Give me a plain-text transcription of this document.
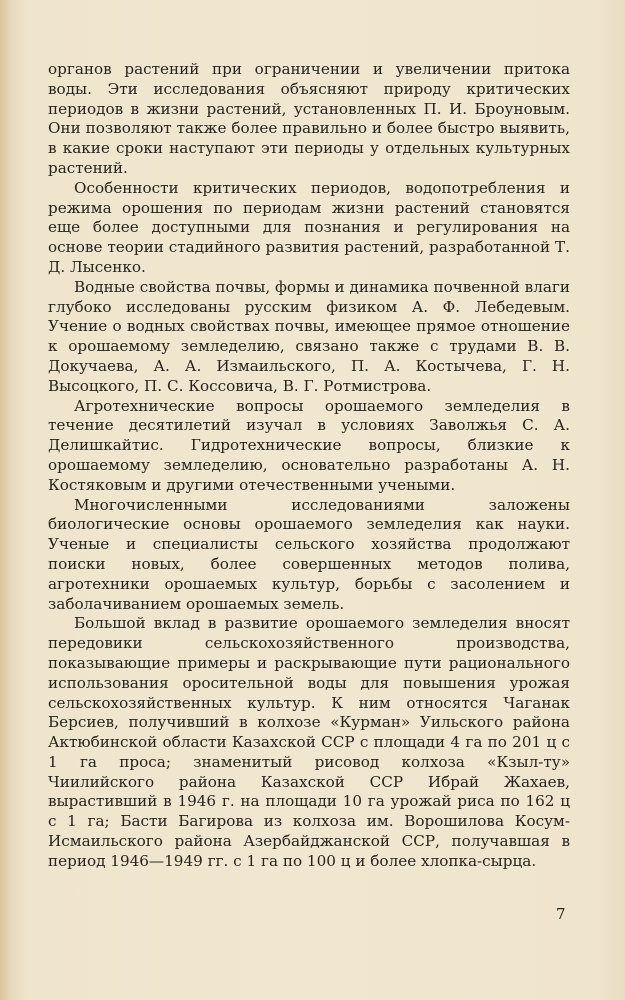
органов растений при ограничении и увеличении притока воды. Эти исследования объясняют природу критических периодов в жизни растений, установленных П. И. Броуновым. Они позволяют также более правильно и более быстро выявить, в какие сроки наступают эти периоды у отдельных культурных растений.

Особенности критических периодов, водопотребления и режима орошения по периодам жизни растений становятся еще более доступными для познания и регулирования на основе теории стадийного развития растений, разработанной Т. Д. Лысенко.

Водные свойства почвы, формы и динамика почвенной влаги глубоко исследованы русским физиком А. Ф. Лебедевым. Учение о водных свойствах почвы, имеющее прямое отношение к орошаемому земледелию, связано также с трудами В. В. Докучаева, А. А. Измаильского, П. А. Костычева, Г. Н. Высоцкого, П. С. Коссовича, В. Г. Ротмистрова.

Агротехнические вопросы орошаемого земледелия в течение десятилетий изучал в условиях Заволжья С. А. Делишкайтис. Гидротехнические вопросы, близкие к орошаемому земледелию, основательно разработаны А. Н. Костяковым и другими отечественными учеными.

Многочисленными исследованиями заложены биологические основы орошаемого земледелия как науки. Ученые и специалисты сельского хозяйства продолжают поиски новых, более совершенных методов полива, агротехники орошаемых культур, борьбы с засолением и заболачиванием орошаемых земель.

Большой вклад в развитие орошаемого земледелия вносят передовики сельскохозяйственного производства, показывающие примеры и раскрывающие пути рационального использования оросительной воды для повышения урожая сельскохозяйственных культур. К ним относятся Чаганак Берсиев, получивший в колхозе «Курман» Уильского района Актюбинской области Казахской ССР с площади 4 га по 201 ц с 1 га проса; знаменитый рисовод колхоза «Кзыл-ту» Чиилийского района Казахской ССР Ибрай Жахаев, вырастивший в 1946 г. на площади 10 га урожай риса по 162 ц с 1 га; Басти Багирова из колхоза им. Ворошилова Косум-Исмаильского района Азербайджанской ССР, получавшая в период 1946—1949 гг. с 1 га по 100 ц и более хлопка-сырца.

7
